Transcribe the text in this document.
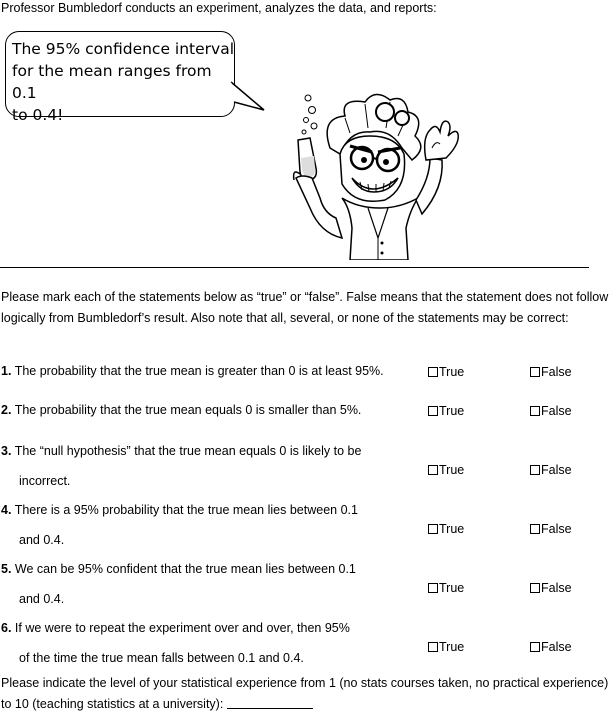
Professor Bumbledorf conducts an experiment, analyzes the data, and reports:
The 95% confidence interval
for the mean ranges from 0.1
to 0.4!
Please mark each of the statements below as “true” or “false”. False means that the statement does not follow logically from Bumbledorf’s result. Also note that all, several, or none of the statements may be correct:
1. The probability that the true mean is greater than 0 is at least 95%.	True	False
2. The probability that the true mean equals 0 is smaller than 5%.	True	False
3. The “null hypothesis” that the true mean equals 0 is likely to be
incorrect.
True	False
4. There is a 95% probability that the true mean lies between 0.1
and 0.4.
True	False
5. We can be 95% confident that the true mean lies between 0.1
and 0.4.
True	False
6. If we were to repeat the experiment over and over, then 95%
of the time the true mean falls between 0.1 and 0.4.
True	False
Please indicate the level of your statistical experience from 1 (no stats courses taken, no practical experience) to 10 (teaching statistics at a university):
